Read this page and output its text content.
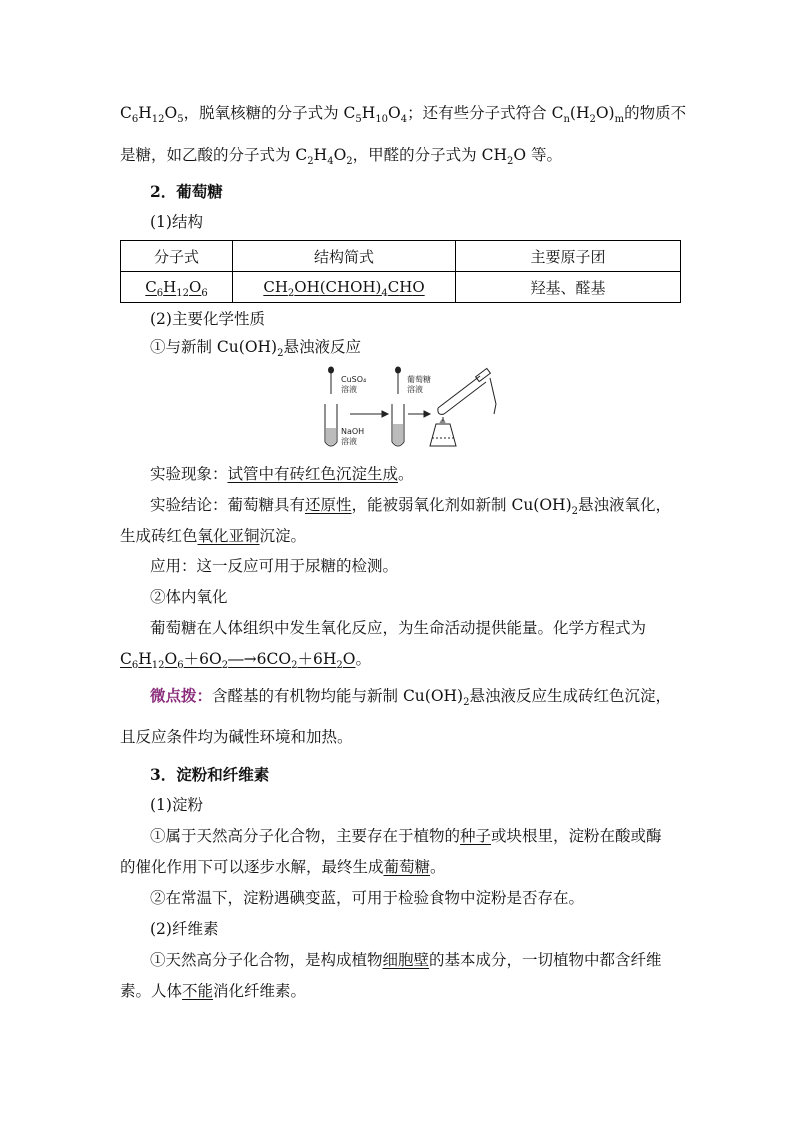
$C_6H_{12}O_5$，脱氧核糖的分子式为 $C_5H_{10}O_4$；还有些分子式符合 $C_n(H_2O)_m$的物质不
是糖，如乙酸的分子式为 $C_2H_4O_2$，甲醛的分子式为 $CH_2O$ 等。
2．葡萄糖
(1)结构
分子式	结构简式	主要原子团
$C_6H_{12}O_6$	$CH_2OH(CHOH)_4CHO$	羟基、醛基
(2)主要化学性质
①与新制 $Cu(OH)_2$悬浊液反应
CuSO₄
溶液
NaOH
溶液
葡萄糖
溶液
实验现象：试管中有砖红色沉淀生成。
实验结论：葡萄糖具有还原性，能被弱氧化剂如新制 $Cu(OH)_2$悬浊液氧化，
生成砖红色氧化亚铜沉淀。
应用：这一反应可用于尿糖的检测。
②体内氧化
葡萄糖在人体组织中发生氧化反应，为生命活动提供能量。化学方程式为
$C_6H_{12}O_6+6O_2―\to 6CO_2+6H_2O$。
微点拨：含醛基的有机物均能与新制 $Cu(OH)_2$悬浊液反应生成砖红色沉淀，
且反应条件均为碱性环境和加热。
3．淀粉和纤维素
(1)淀粉
①属于天然高分子化合物，主要存在于植物的种子或块根里，淀粉在酸或酶
的催化作用下可以逐步水解，最终生成葡萄糖。
②在常温下，淀粉遇碘变蓝，可用于检验食物中淀粉是否存在。
(2)纤维素
①天然高分子化合物，是构成植物细胞壁的基本成分，一切植物中都含纤维
素。人体不能消化纤维素。
